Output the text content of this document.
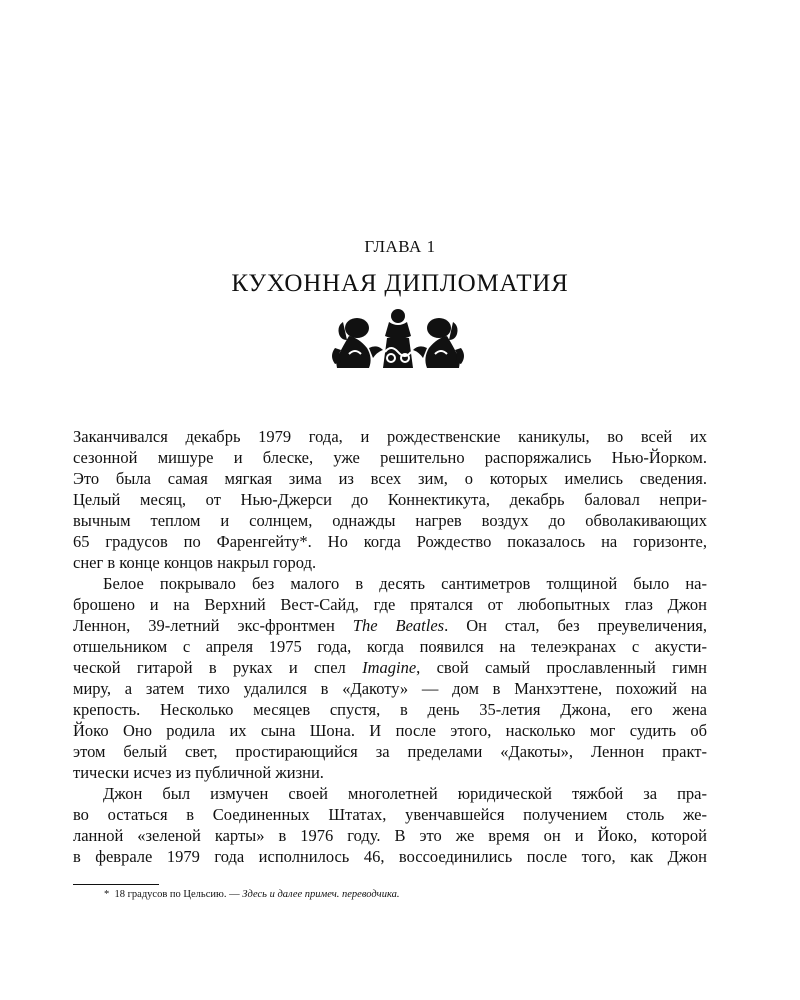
ГЛАВА 1
КУХОННАЯ ДИПЛОМАТИЯ
Заканчивался декабрь 1979 года, и рождественские каникулы, во всей их
сезонной мишуре и блеске, уже решительно распоряжались Нью-Йорком.
Это была самая мягкая зима из всех зим, о которых имелись сведения.
Целый месяц, от Нью-Джерси до Коннектикута, декабрь баловал непри-
вычным теплом и солнцем, однажды нагрев воздух до обволакивающих
65 градусов по Фаренгейту*. Но когда Рождество показалось на горизонте,
снег в конце концов накрыл город.
Белое покрывало без малого в десять сантиметров толщиной было на-
брошено и на Верхний Вест-Сайд, где прятался от любопытных глаз Джон
Леннон, 39-летний экс-фронтмен The Beatles. Он стал, без преувеличения,
отшельником с апреля 1975 года, когда появился на телеэкранах с акусти-
ческой гитарой в руках и спел Imagine, свой самый прославленный гимн
миру, а затем тихо удалился в «Дакоту» — дом в Манхэттене, похожий на
крепость. Несколько месяцев спустя, в день 35-летия Джона, его жена
Йоко Оно родила их сына Шона. И после этого, насколько мог судить об
этом белый свет, простирающийся за пределами «Дакоты», Леннон практ-
тически исчез из публичной жизни.
Джон был измучен своей многолетней юридической тяжбой за пра-
во остаться в Соединенных Штатах, увенчавшейся получением столь же-
ланной «зеленой карты» в 1976 году. В это же время он и Йоко, которой
в феврале 1979 года исполнилось 46, воссоединились после того, как Джон
* 18 градусов по Цельсию. — Здесь и далее примеч. переводчика.
